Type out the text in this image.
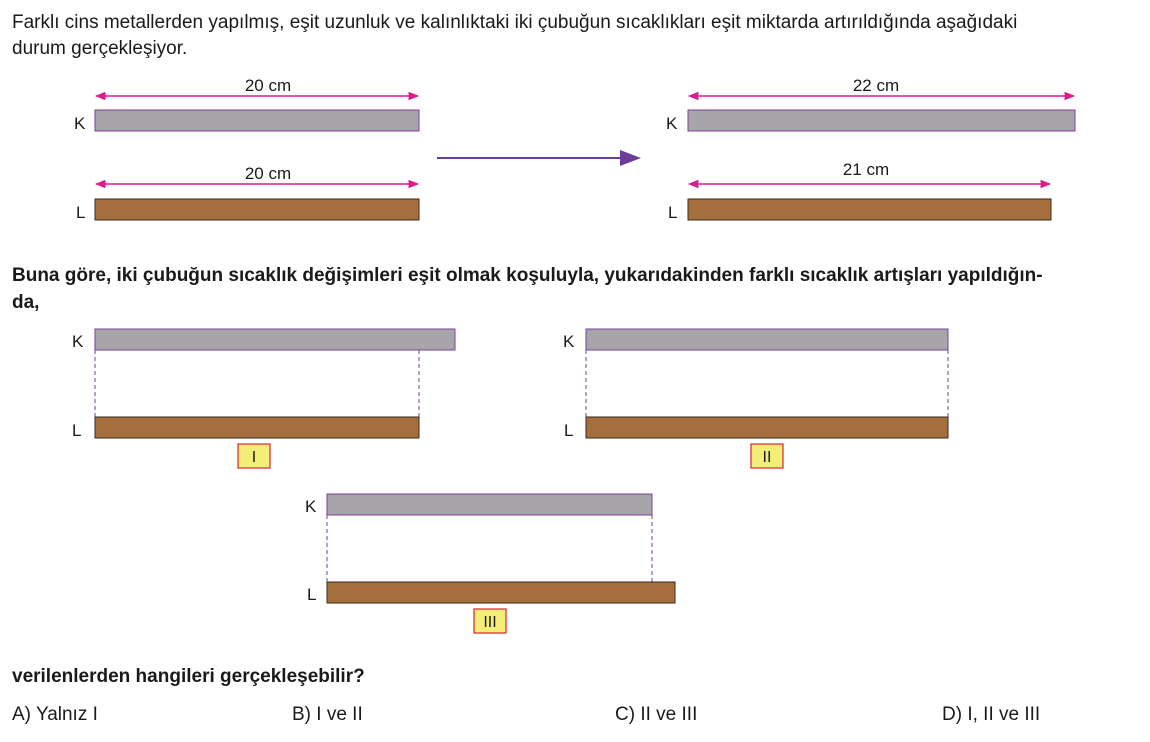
Farklı cins metallerden yapılmış, eşit uzunluk ve kalınlıktaki iki çubuğun sıcaklıkları eşit miktarda artırıldığında aşağıdaki
durum gerçekleşiyor.
20 cm
K
20 cm
L
22 cm
K
21 cm
L
K
L
I
K
L
II
K
L
III
Buna göre, iki çubuğun sıcaklık değişimleri eşit olmak koşuluyla, yukarıdakinden farklı sıcaklık artışları yapıldığın-
da,
verilenlerden hangileri gerçekleşebilir?
A) Yalnız I	B) I ve II	C) II ve III	D) I, II ve III
